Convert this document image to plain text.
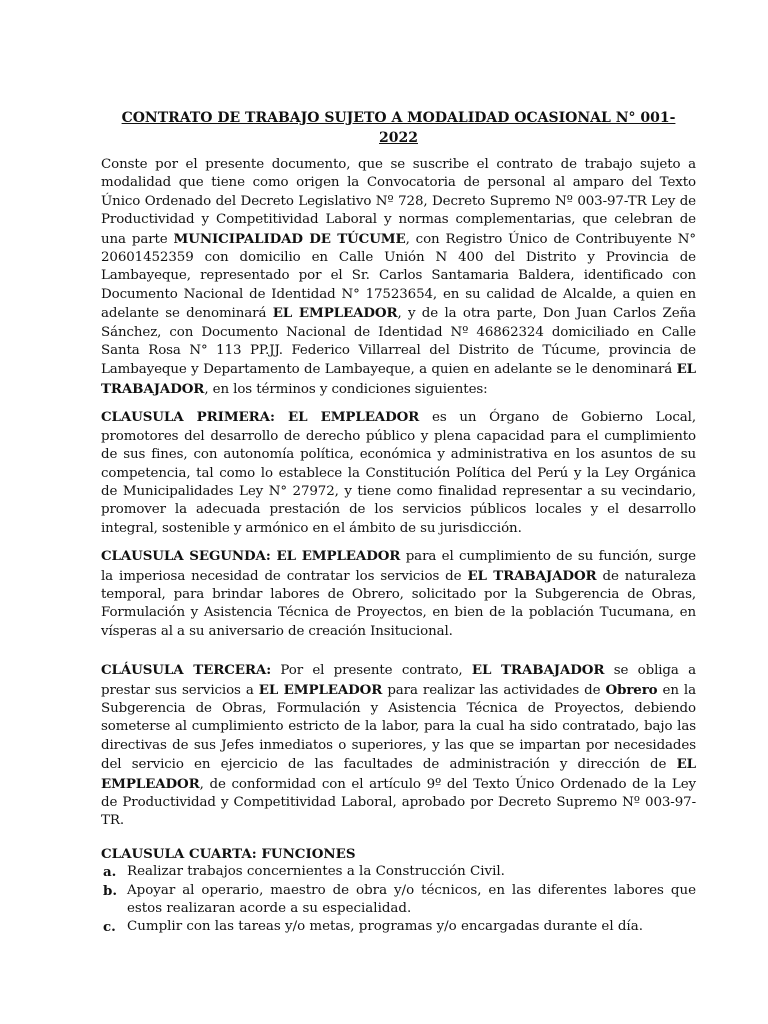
CONTRATO DE TRABAJO SUJETO A MODALIDAD OCASIONAL N° 001-2022

Conste por el presente documento, que se suscribe el contrato de trabajo sujeto a modalidad que tiene como origen la Convocatoria de personal al amparo del Texto Único Ordenado del Decreto Legislativo Nº 728, Decreto Supremo Nº 003-97-TR Ley de Productividad y Competitividad Laboral y normas complementarias, que celebran de una parte MUNICIPALIDAD DE TÚCUME, con Registro Único de Contribuyente N° 20601452359 con domicilio en Calle Unión N 400 del Distrito y Provincia de Lambayeque, representado por el Sr. Carlos Santamaria Baldera, identificado con Documento Nacional de Identidad N° 17523654, en su calidad de Alcalde, a quien en adelante se denominará EL EMPLEADOR, y de la otra parte, Don Juan Carlos Zeña Sánchez, con Documento Nacional de Identidad Nº 46862324 domiciliado en Calle Santa Rosa N° 113 PP.JJ. Federico Villarreal del Distrito de Túcume, provincia de Lambayeque y Departamento de Lambayeque, a quien en adelante se le denominará EL TRABAJADOR, en los términos y condiciones siguientes:

CLAUSULA PRIMERA: EL EMPLEADOR es un Órgano de Gobierno Local, promotores del desarrollo de derecho público y plena capacidad para el cumplimiento de sus fines, con autonomía política, económica y administrativa en los asuntos de su competencia, tal como lo establece la Constitución Política del Perú y la Ley Orgánica de Municipalidades Ley N° 27972, y tiene como finalidad representar a su vecindario, promover la adecuada prestación de los servicios públicos locales y el desarrollo integral, sostenible y armónico en el ámbito de su jurisdicción.

CLAUSULA SEGUNDA: EL EMPLEADOR para el cumplimiento de su función, surge la imperiosa necesidad de contratar los servicios de EL TRABAJADOR de naturaleza temporal, para brindar labores de Obrero, solicitado por la Subgerencia de Obras, Formulación y Asistencia Técnica de Proyectos, en bien de la población Tucumana, en vísperas al a su aniversario de creación Insitucional.

CLÁUSULA TERCERA: Por el presente contrato, EL TRABAJADOR se obliga a prestar sus servicios a EL EMPLEADOR para realizar las actividades de Obrero en la Subgerencia de Obras, Formulación y Asistencia Técnica de Proyectos, debiendo someterse al cumplimiento estricto de la labor, para la cual ha sido contratado, bajo las directivas de sus Jefes inmediatos o superiores, y las que se impartan por necesidades del servicio en ejercicio de las facultades de administración y dirección de EL EMPLEADOR, de conformidad con el artículo 9º del Texto Único Ordenado de la Ley de Productividad y Competitividad Laboral, aprobado por Decreto Supremo Nº 003-97-TR.

CLAUSULA CUARTA: FUNCIONES
a. Realizar trabajos concernientes a la Construcción Civil.
b. Apoyar al operario, maestro de obra y/o técnicos, en las diferentes labores que estos realizaran acorde a su especialidad.
c. Cumplir con las tareas y/o metas, programas y/o encargadas durante el día.
